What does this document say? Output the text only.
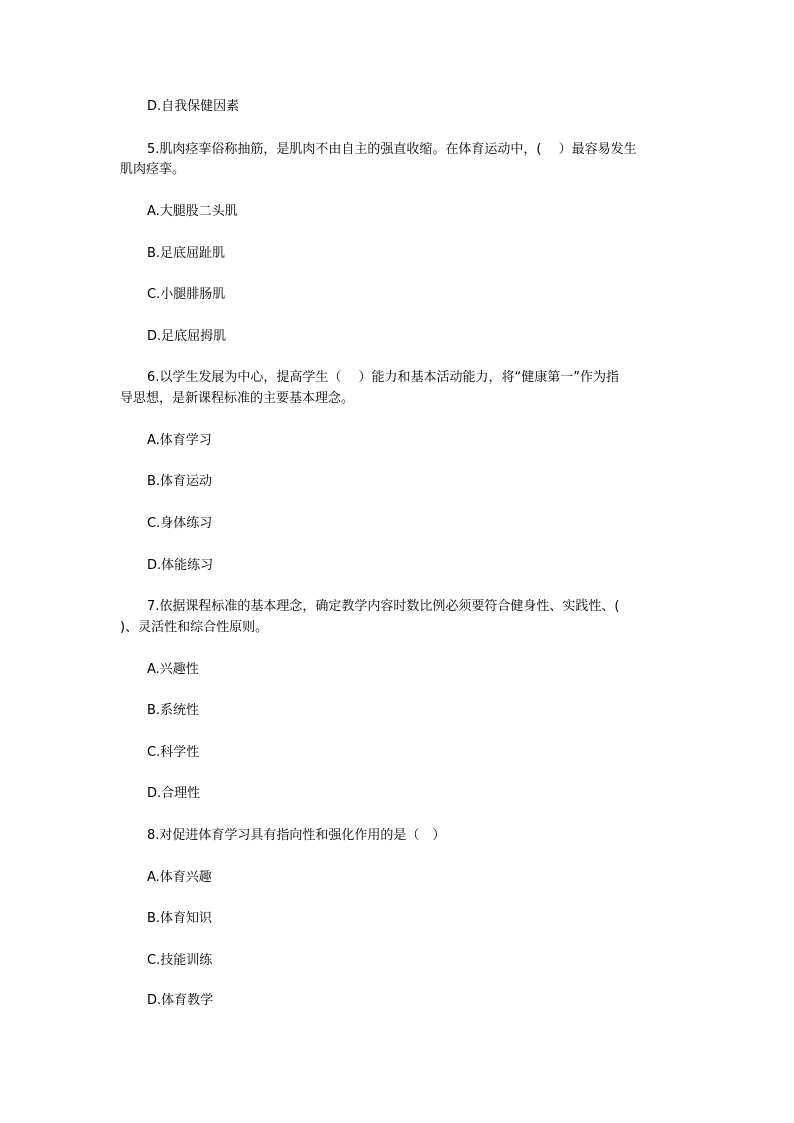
D.自我保健因素
5.肌肉痉挛俗称抽筋，是肌肉不由自主的强直收缩。在体育运动中，(　 ）最容易发生
肌肉痉挛。
A.大腿股二头肌
B.足底屈趾肌
C.小腿腓肠肌
D.足底屈拇肌
6.以学生发展为中心，提高学生（　 ）能力和基本活动能力，将“健康第一”作为指
导思想，是新课程标准的主要基本理念。
A.体育学习
B.体育运动
C.身体练习
D.体能练习
7.依据课程标准的基本理念，确定教学内容时数比例必须要符合健身性、实践性、(
)、灵活性和综合性原则。
A.兴趣性
B.系统性
C.科学性
D.合理性
8.对促进体育学习具有指向性和强化作用的是（　）
A.体育兴趣
B.体育知识
C.技能训练
D.体育教学
